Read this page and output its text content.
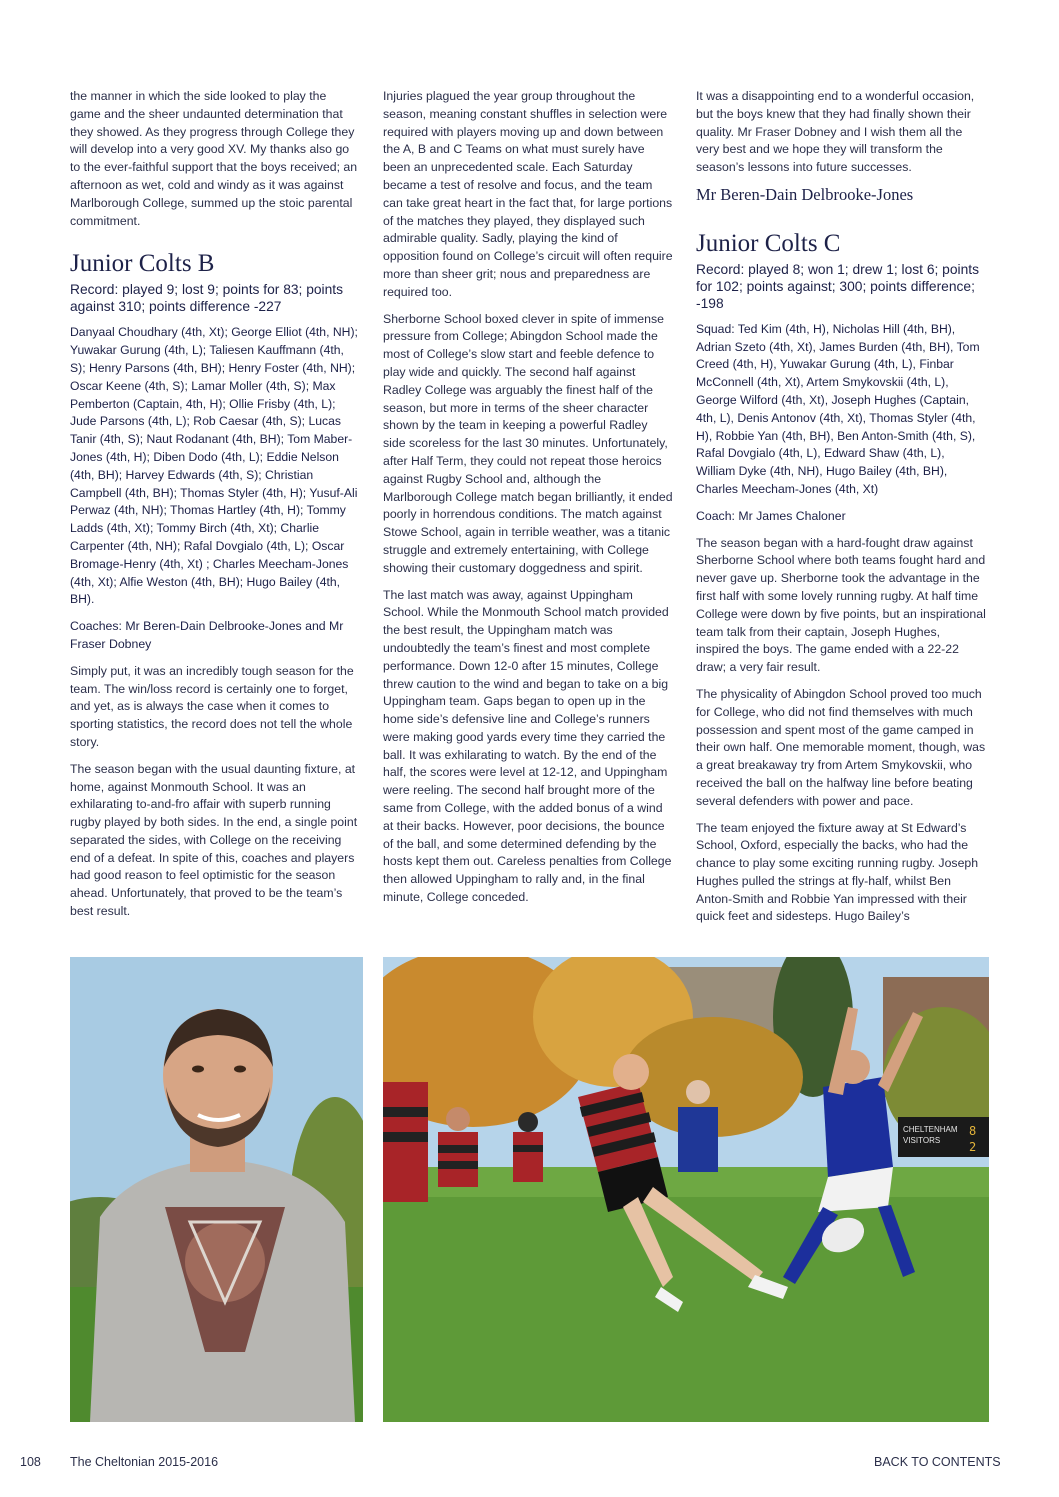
the manner in which the side looked to play the game and the sheer undaunted determination that they showed. As they progress through College they will develop into a very good XV. My thanks also go to the ever-faithful support that the boys received; an afternoon as wet, cold and windy as it was against Marlborough College, summed up the stoic parental commitment.

Junior Colts B

Record: played 9; lost 9; points for 83; points against 310; points difference -227

Danyaal Choudhary (4th, Xt); George Elliot (4th, NH); Yuwakar Gurung (4th, L); Taliesen Kauffmann (4th, S); Henry Parsons (4th, BH); Henry Foster (4th, NH); Oscar Keene (4th, S); Lamar Moller (4th, S); Max Pemberton (Captain, 4th, H); Ollie Frisby (4th, L); Jude Parsons (4th, L); Rob Caesar (4th, S); Lucas Tanir (4th, S); Naut Rodanant (4th, BH); Tom Maber-Jones (4th, H); Diben Dodo (4th, L); Eddie Nelson (4th, BH); Harvey Edwards (4th, S); Christian Campbell (4th, BH); Thomas Styler (4th, H); Yusuf-Ali Perwaz (4th, NH); Thomas Hartley (4th, H); Tommy Ladds (4th, Xt); Tommy Birch (4th, Xt); Charlie Carpenter (4th, NH); Rafal Dovgialo (4th, L); Oscar Bromage-Henry (4th, Xt) ; Charles Meecham-Jones (4th, Xt); Alfie Weston (4th, BH); Hugo Bailey (4th, BH).

Coaches: Mr Beren-Dain Delbrooke-Jones and Mr Fraser Dobney

Simply put, it was an incredibly tough season for the team. The win/loss record is certainly one to forget, and yet, as is always the case when it comes to sporting statistics, the record does not tell the whole story.

The season began with the usual daunting fixture, at home, against Monmouth School. It was an exhilarating to-and-fro affair with superb running rugby played by both sides. In the end, a single point separated the sides, with College on the receiving end of a defeat. In spite of this, coaches and players had good reason to feel optimistic for the season ahead. Unfortunately, that proved to be the team’s best result.

Injuries plagued the year group throughout the season, meaning constant shuffles in selection were required with players moving up and down between the A, B and C Teams on what must surely have been an unprecedented scale. Each Saturday became a test of resolve and focus, and the team can take great heart in the fact that, for large portions of the matches they played, they displayed such admirable quality. Sadly, playing the kind of opposition found on College’s circuit will often require more than sheer grit; nous and preparedness are required too.

Sherborne School boxed clever in spite of immense pressure from College; Abingdon School made the most of College’s slow start and feeble defence to play wide and quickly. The second half against Radley College was arguably the finest half of the season, but more in terms of the sheer character shown by the team in keeping a powerful Radley side scoreless for the last 30 minutes. Unfortunately, after Half Term, they could not repeat those heroics against Rugby School and, although the Marlborough College match began brilliantly, it ended poorly in horrendous conditions. The match against Stowe School, again in terrible weather, was a titanic struggle and extremely entertaining, with College showing their customary doggedness and spirit.

The last match was away, against Uppingham School. While the Monmouth School match provided the best result, the Uppingham match was undoubtedly the team’s finest and most complete performance. Down 12-0 after 15 minutes, College threw caution to the wind and began to take on a big Uppingham team. Gaps began to open up in the home side’s defensive line and College’s runners were making good yards every time they carried the ball. It was exhilarating to watch. By the end of the half, the scores were level at 12-12, and Uppingham were reeling. The second half brought more of the same from College, with the added bonus of a wind at their backs. However, poor decisions, the bounce of the ball, and some determined defending by the hosts kept them out. Careless penalties from College then allowed Uppingham to rally and, in the final minute, College conceded.

It was a disappointing end to a wonderful occasion, but the boys knew that they had finally shown their quality. Mr Fraser Dobney and I wish them all the very best and we hope they will transform the season’s lessons into future successes.

Mr Beren-Dain Delbrooke-Jones

Junior Colts C

Record: played 8; won 1; drew 1; lost 6; points for 102; points against; 300; points difference; -198

Squad: Ted Kim (4th, H), Nicholas Hill (4th, BH), Adrian Szeto (4th, Xt), James Burden (4th, BH), Tom Creed (4th, H), Yuwakar Gurung (4th, L), Finbar McConnell (4th, Xt), Artem Smykovskii (4th, L), George Wilford (4th, Xt), Joseph Hughes (Captain, 4th, L), Denis Antonov (4th, Xt), Thomas Styler (4th, H), Robbie Yan (4th, BH), Ben Anton-Smith (4th, S), Rafal Dovgialo (4th, L), Edward Shaw (4th, L), William Dyke (4th, NH), Hugo Bailey (4th, BH), Charles Meecham-Jones (4th, Xt)

Coach: Mr James Chaloner

The season began with a hard-fought draw against Sherborne School where both teams fought hard and never gave up. Sherborne took the advantage in the first half with some lovely running rugby. At half time College were down by five points, but an inspirational team talk from their captain, Joseph Hughes, inspired the boys. The game ended with a 22-22 draw; a very fair result.

The physicality of Abingdon School proved too much for College, who did not find themselves with much possession and spent most of the game camped in their own half. One memorable moment, though, was a great breakaway try from Artem Smykovskii, who received the ball on the halfway line before beating several defenders with power and pace.

The team enjoyed the fixture away at St Edward’s School, Oxford, especially the backs, who had the chance to play some exciting running rugby. Joseph Hughes pulled the strings at fly-half, whilst Ben Anton-Smith and Robbie Yan impressed with their quick feet and sidesteps. Hugo Bailey’s

CHELTENHAM
VISITORS
8
2
108 The Cheltonian 2015-2016	BACK TO CONTENTS
